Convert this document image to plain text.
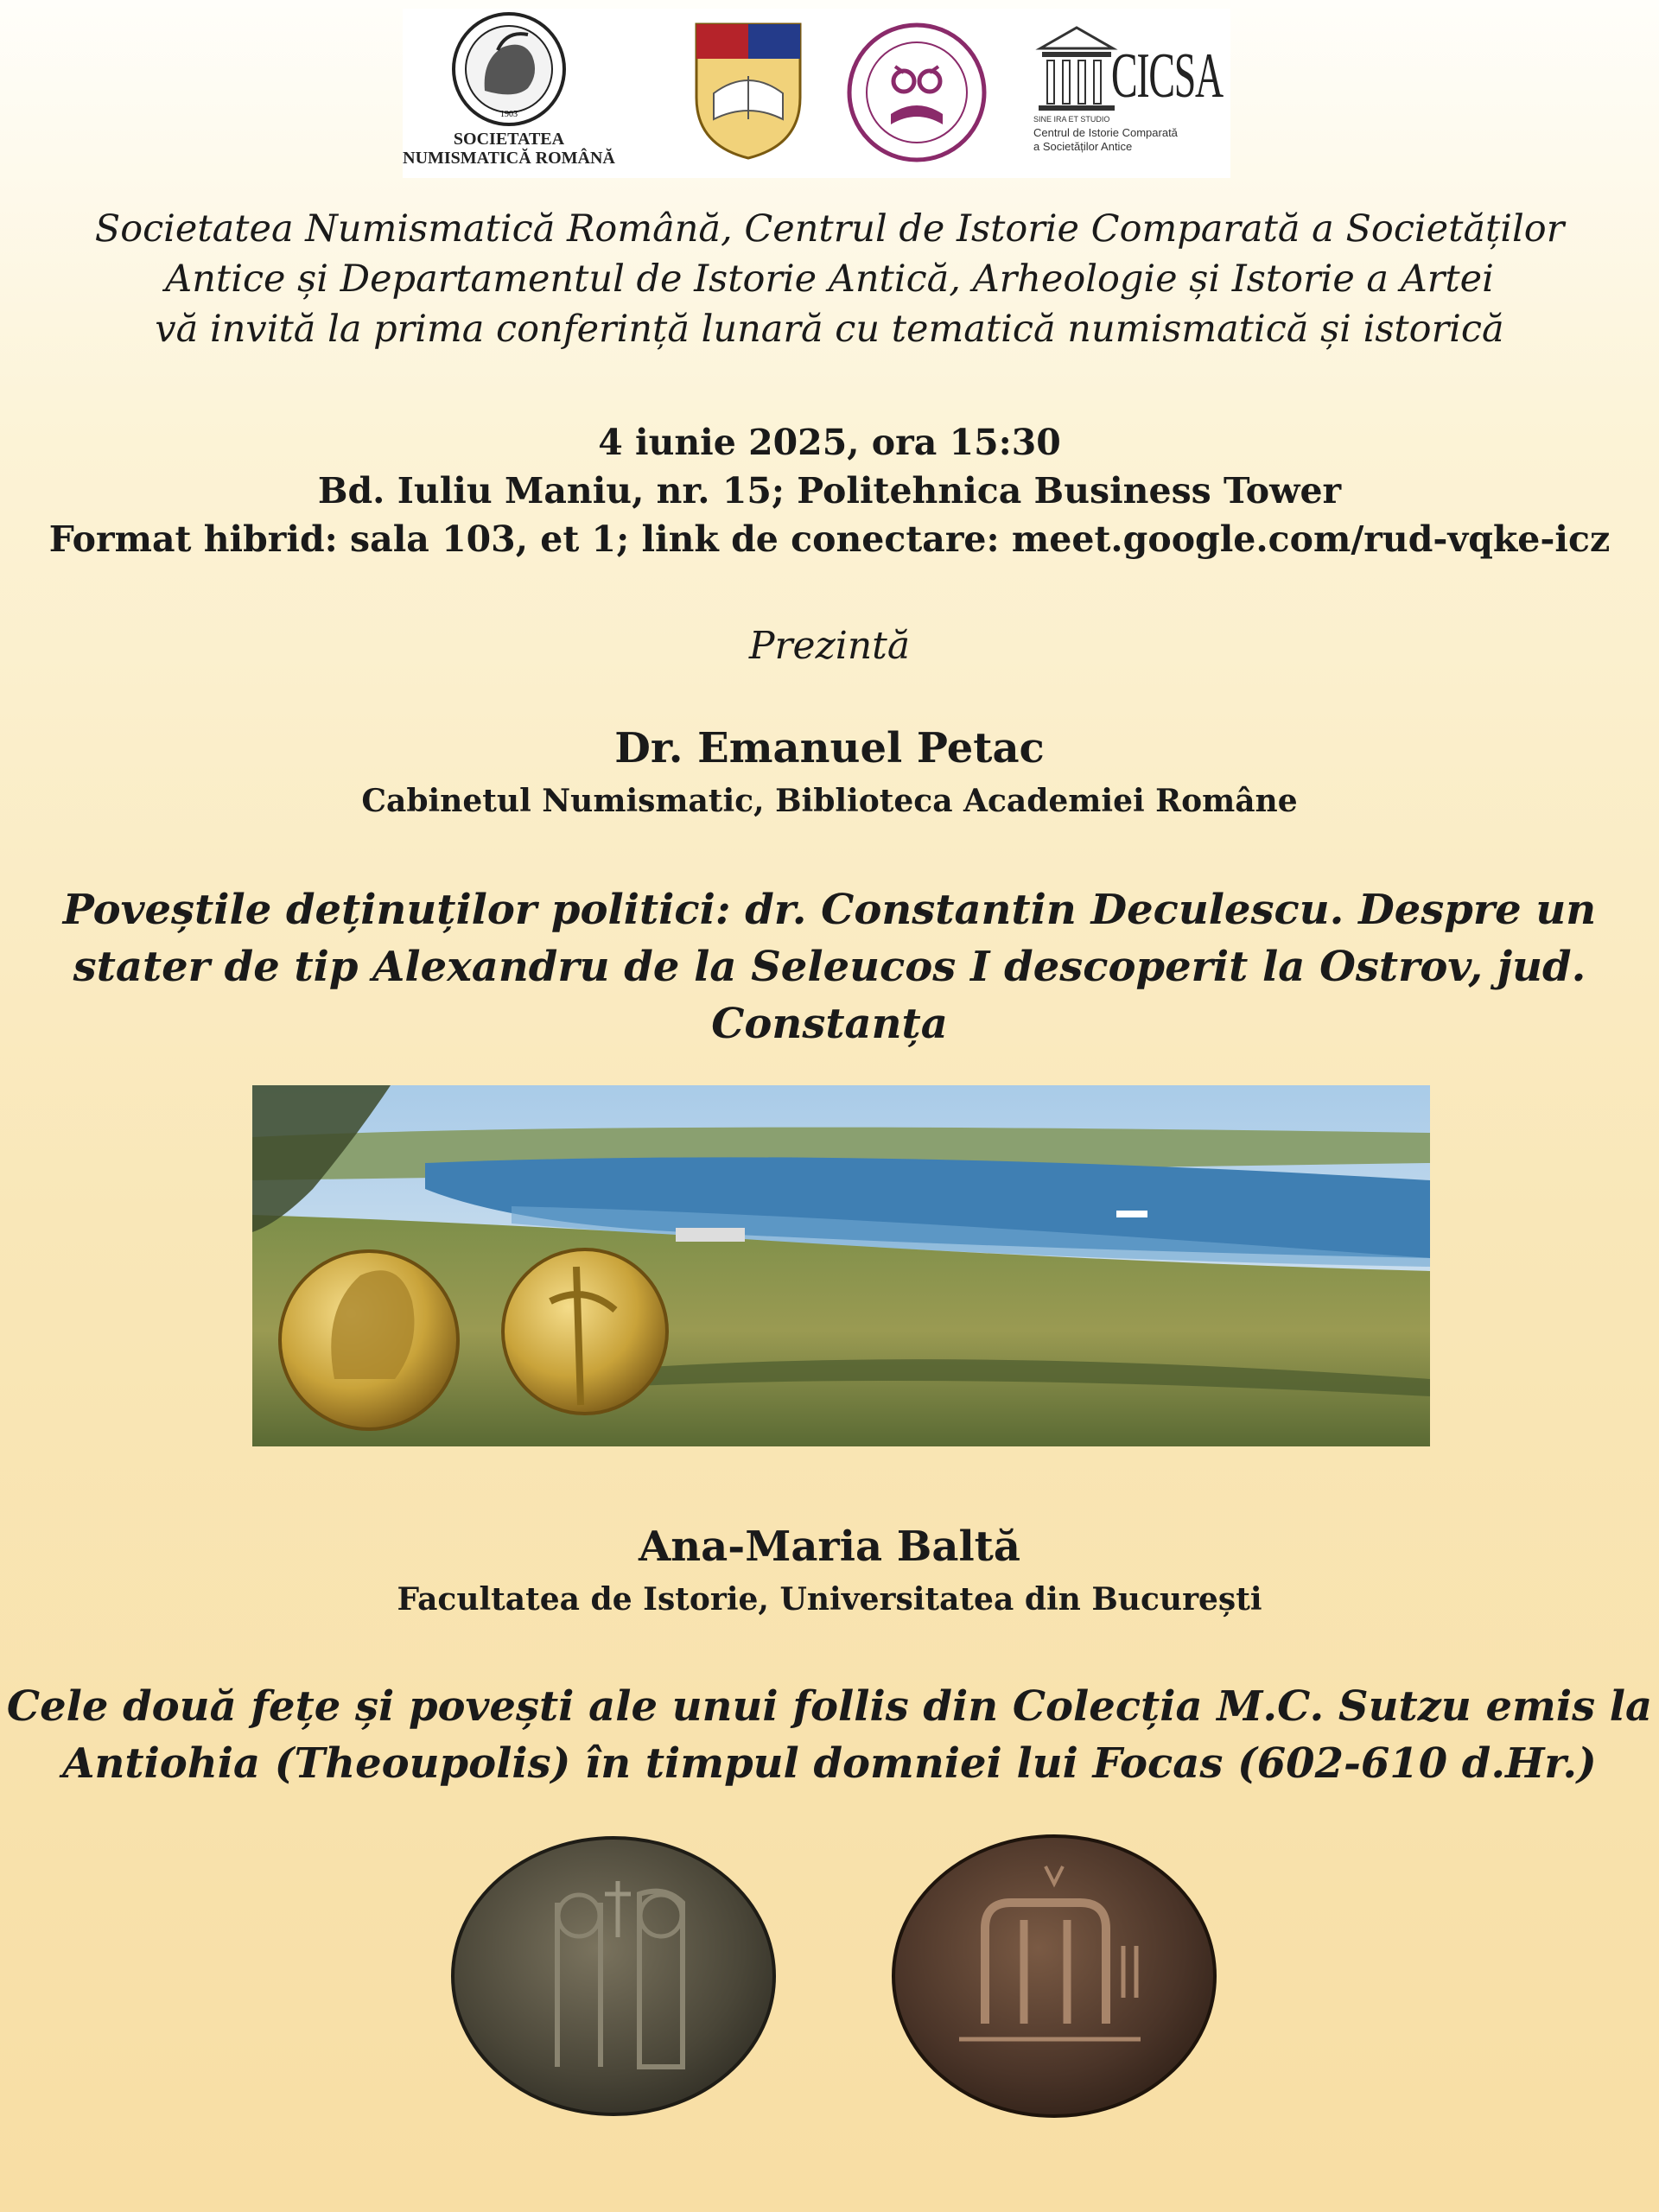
1903
SOCIETATEA NUMISMATICĂ ROMÂNĂ
CICSA
SINE IRA ET STUDIO
Centrul de Istorie Comparată
a Societăților Antice
Societatea Numismatică Română, Centrul de Istorie Comparată a Societăților
Antice și Departamentul de Istorie Antică, Arheologie și Istorie a Artei
vă invită la prima conferință lunară cu tematică numismatică și istorică
4 iunie 2025, ora 15:30
Bd. Iuliu Maniu, nr. 15; Politehnica Business Tower
Format hibrid: sala 103, et 1; link de conectare: meet.google.com/rud-vqke-icz
Prezintă
Dr. Emanuel Petac
Cabinetul Numismatic, Biblioteca Academiei Române
Poveștile deținuților politici: dr. Constantin Deculescu. Despre un
stater de tip Alexandru de la Seleucos I descoperit la Ostrov, jud.
Constanța
Ana-Maria Baltă
Facultatea de Istorie, Universitatea din București
Cele două fețe și povești ale unui follis din Colecția M.C. Sutzu emis la
Antiohia (Theoupolis) în timpul domniei lui Focas (602-610 d.Hr.)
